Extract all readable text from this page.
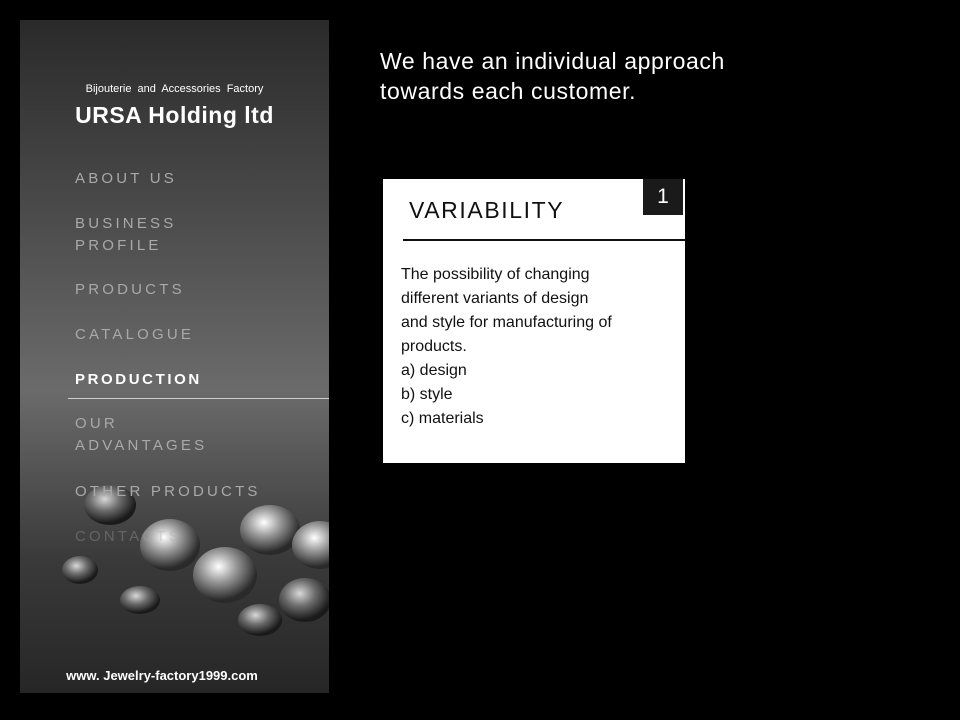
Bijouterie and Accessories Factory
URSA Holding ltd
ABOUT US
BUSINESS PROFILE
PRODUCTS
CATALOGUE
PRODUCTION
OUR ADVANTAGES
OTHER PRODUCTS
CONTACTS
www. Jewelry-factory1999.com
We have an individual approach
towards each customer.
VARIABILITY
1
The possibility of changing
different variants of design
and style for manufacturing of
products.
a) design
b) style
c) materials
